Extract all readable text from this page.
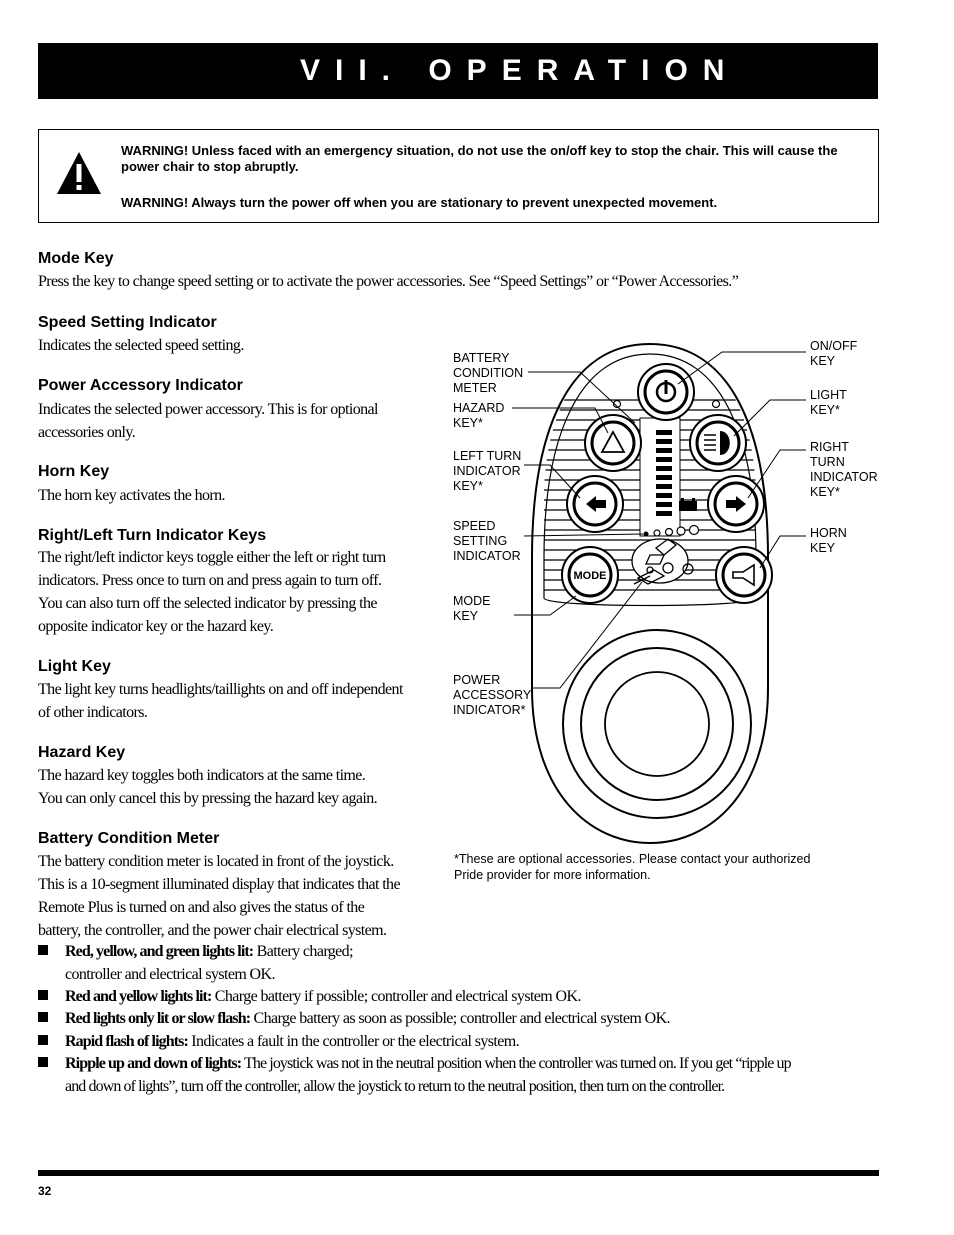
VII. OPERATION
WARNING! Unless faced with an emergency situation, do not use the on/off key to stop the chair. This will cause the power chair to stop abruptly.
WARNING! Always turn the power off when you are stationary to prevent unexpected movement.
Mode Key
Press the key to change speed setting or to activate the power accessories. See “Speed Settings” or “Power Accessories.”
Speed Setting Indicator
Indicates the selected speed setting.
Power Accessory Indicator
Indicates the selected power accessory. This is for optional
accessories only.
Horn Key
The horn key activates the horn.
Right/Left Turn Indicator Keys
The right/left indictor keys toggle either the left or right turn
indicators. Press once to turn on and press again to turn off.
You can also turn off the selected indicator by pressing the
opposite indicator key or the hazard key.
Light Key
The light key turns headlights/taillights on and off independent
of other indicators.
Hazard Key
The hazard key toggles both indicators at the same time.
You can only cancel this by pressing the hazard key again.
Battery Condition Meter
The battery condition meter is located in front of the joystick.
This is a 10-segment illuminated display that indicates that the
Remote Plus is turned on and also gives the status of the
battery, the controller, and the power chair electrical system.
Red, yellow, and green lights lit: Battery charged;
controller and electrical system OK.
Red and yellow lights lit: Charge battery if possible; controller and electrical system OK.
Red lights only lit or slow flash: Charge battery as soon as possible; controller and electrical system OK.
Rapid flash of lights: Indicates a fault in the controller or the electrical system.
Ripple up and down of lights: The joystick was not in the neutral position when the controller was turned on. If you get “ripple up
and down of lights”, turn off the controller, allow the joystick to return to the neutral position, then turn on the controller.
MODE
BATTERY CONDITION METER
HAZARD KEY*
LEFT TURN INDICATOR KEY*
SPEED SETTING INDICATOR
MODE KEY
POWER ACCESSORY INDICATOR*
ON/OFF KEY
LIGHT KEY*
RIGHT TURN INDICATOR KEY*
HORN KEY
*These are optional accessories. Please contact your authorized
Pride provider for more information.
32
